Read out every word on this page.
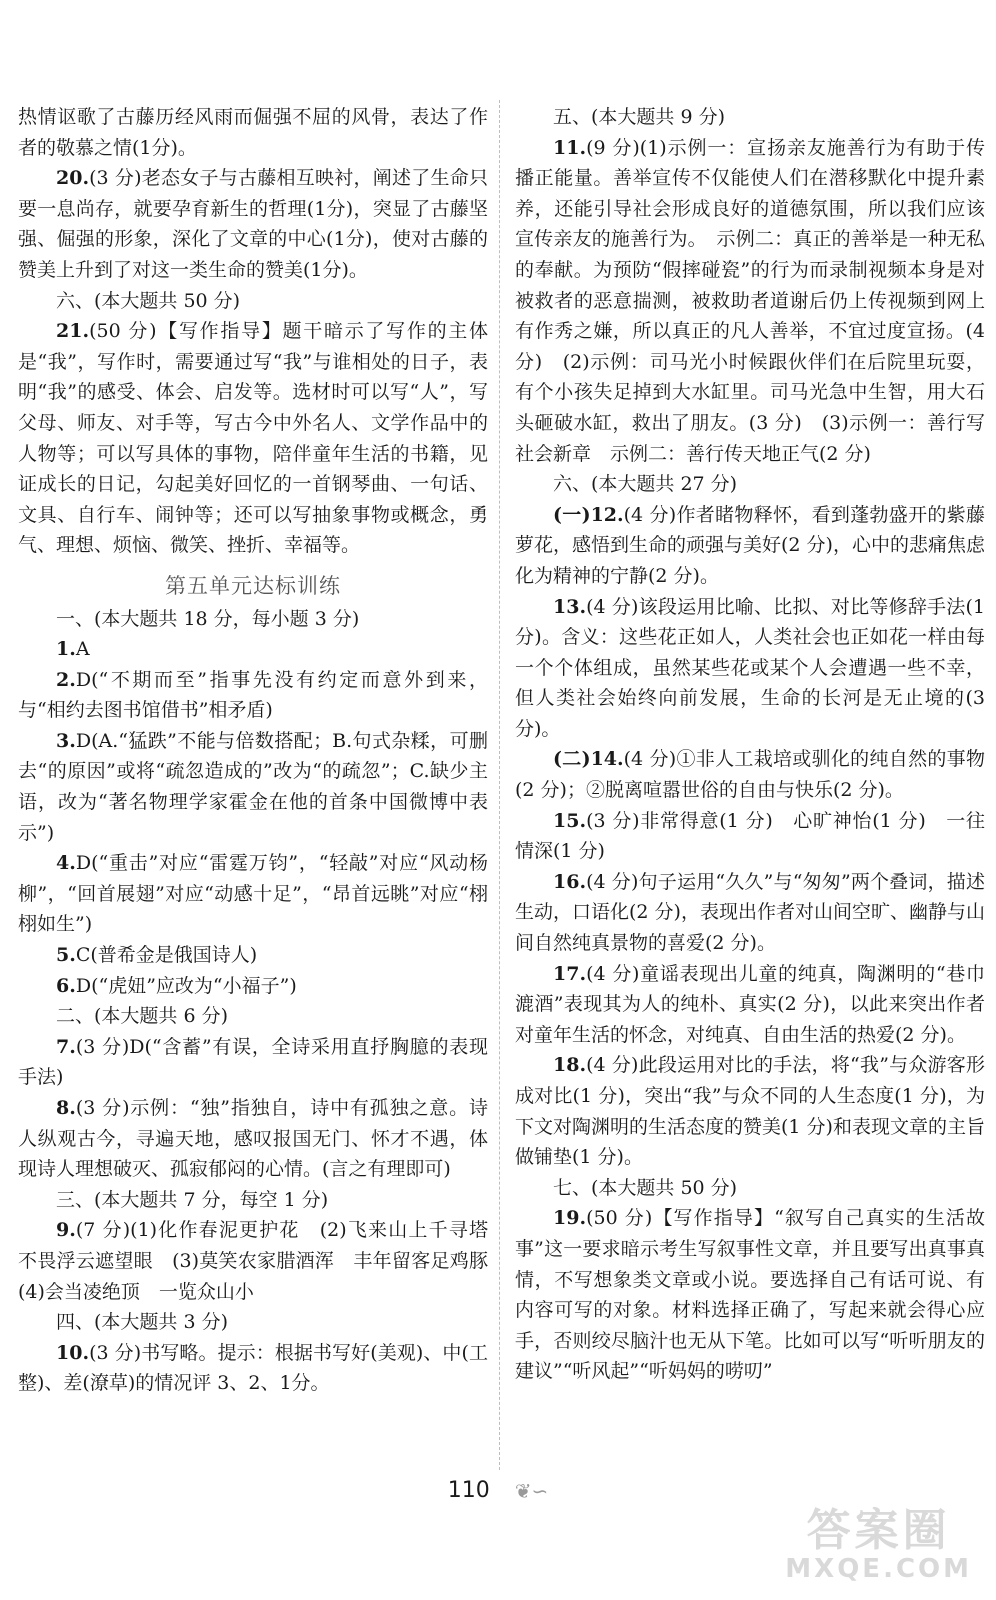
热情讴歌了古藤历经风雨而倔强不屈的风骨，表达了作者的敬慕之情(1分)。

20.(3 分)老态女子与古藤相互映衬，阐述了生命只要一息尚存，就要孕育新生的哲理(1分)，突显了古藤坚强、倔强的形象，深化了文章的中心(1分)，使对古藤的赞美上升到了对这一类生命的赞美(1分)。

六、(本大题共 50 分)

21.(50 分)【写作指导】题干暗示了写作的主体是“我”，写作时，需要通过写“我”与谁相处的日子，表明“我”的感受、体会、启发等。选材时可以写“人”，写父母、师友、对手等，写古今中外名人、文学作品中的人物等；可以写具体的事物，陪伴童年生活的书籍，见证成长的日记，勾起美好回忆的一首钢琴曲、一句话、文具、自行车、闹钟等；还可以写抽象事物或概念，勇气、理想、烦恼、微笑、挫折、幸福等。

第五单元达标训练

一、(本大题共 18 分，每小题 3 分)

1.A

2.D(“不期而至”指事先没有约定而意外到来，与“相约去图书馆借书”相矛盾)

3.D(A.“猛跌”不能与倍数搭配；B.句式杂糅，可删去“的原因”或将“疏忽造成的”改为“的疏忽”；C.缺少主语，改为“著名物理学家霍金在他的首条中国微博中表示”)

4.D(“重击”对应“雷霆万钧”，“轻敲”对应“风动杨柳”，“回首展翅”对应“动感十足”，“昂首远眺”对应“栩栩如生”)

5.C(普希金是俄国诗人)

6.D(“虎妞”应改为“小福子”)

二、(本大题共 6 分)

7.(3 分)D(“含蓄”有误，全诗采用直抒胸臆的表现手法)

8.(3 分)示例：“独”指独自，诗中有孤独之意。诗人纵观古今，寻遍天地，感叹报国无门、怀才不遇，体现诗人理想破灭、孤寂郁闷的心情。(言之有理即可)

三、(本大题共 7 分，每空 1 分)

9.(7 分)(1)化作春泥更护花　(2)飞来山上千寻塔　不畏浮云遮望眼　(3)莫笑农家腊酒浑　丰年留客足鸡豚　(4)会当凌绝顶　一览众山小

四、(本大题共 3 分)

10.(3 分)书写略。提示：根据书写好(美观)、中(工整)、差(潦草)的情况评 3、2、1分。

五、(本大题共 9 分)

11.(9 分)(1)示例一：宣扬亲友施善行为有助于传播正能量。善举宣传不仅能使人们在潜移默化中提升素养，还能引导社会形成良好的道德氛围，所以我们应该宣传亲友的施善行为。　示例二：真正的善举是一种无私的奉献。为预防“假摔碰瓷”的行为而录制视频本身是对被救者的恶意揣测，被救助者道谢后仍上传视频到网上有作秀之嫌，所以真正的凡人善举，不宜过度宣扬。(4 分)　(2)示例：司马光小时候跟伙伴们在后院里玩耍，有个小孩失足掉到大水缸里。司马光急中生智，用大石头砸破水缸，救出了朋友。(3 分)　(3)示例一：善行写社会新章　示例二：善行传天地正气(2 分)

六、(本大题共 27 分)

(一)12.(4 分)作者睹物释怀，看到蓬勃盛开的紫藤萝花，感悟到生命的顽强与美好(2 分)，心中的悲痛焦虑化为精神的宁静(2 分)。

13.(4 分)该段运用比喻、比拟、对比等修辞手法(1 分)。含义：这些花正如人，人类社会也正如花一样由每一个个体组成，虽然某些花或某个人会遭遇一些不幸，但人类社会始终向前发展，生命的长河是无止境的(3 分)。

(二)14.(4 分)①非人工栽培或驯化的纯自然的事物(2 分)；②脱离喧嚣世俗的自由与快乐(2 分)。

15.(3 分)非常得意(1 分)　心旷神怡(1 分)　一往情深(1 分)

16.(4 分)句子运用“久久”与“匆匆”两个叠词，描述生动，口语化(2 分)，表现出作者对山间空旷、幽静与山间自然纯真景物的喜爱(2 分)。

17.(4 分)童谣表现出儿童的纯真，陶渊明的“巷巾漉酒”表现其为人的纯朴、真实(2 分)，以此来突出作者对童年生活的怀念，对纯真、自由生活的热爱(2 分)。

18.(4 分)此段运用对比的手法，将“我”与众游客形成对比(1 分)，突出“我”与众不同的人生态度(1 分)，为下文对陶渊明的生活态度的赞美(1 分)和表现文章的主旨做铺垫(1 分)。

七、(本大题共 50 分)

19.(50 分)【写作指导】“叙写自己真实的生活故事”这一要求暗示考生写叙事性文章，并且要写出真事真情，不写想象类文章或小说。要选择自己有话可说、有内容可写的对象。材料选择正确了，写起来就会得心应手，否则绞尽脑汁也无从下笔。比如可以写“听听朋友的建议”“听风起”“听妈妈的唠叨”

110 ❦∽
答案圈
MXQE.COM
